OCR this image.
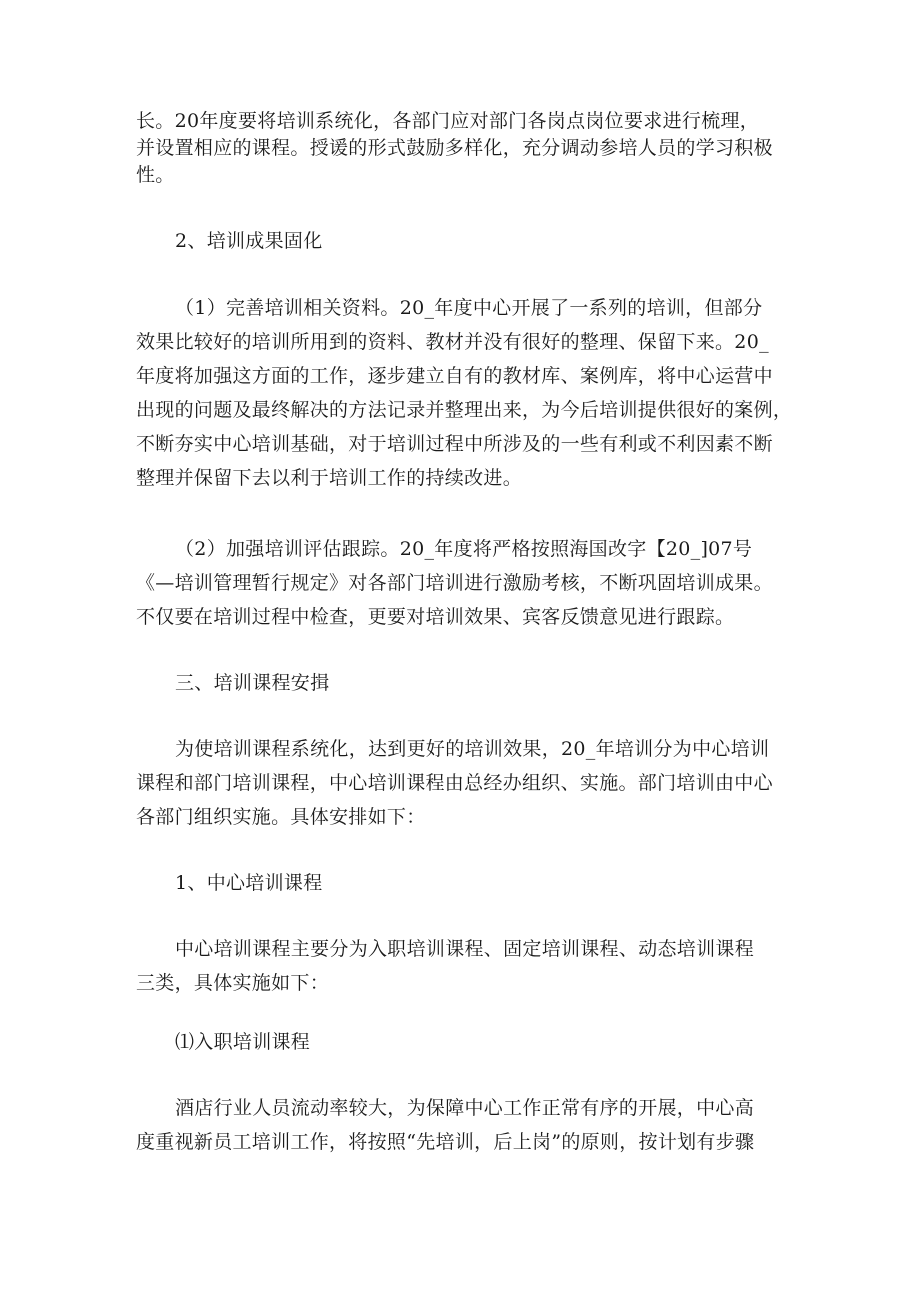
长。20年度要将培训系统化，各部门应对部门各岗点岗位要求进行梳理，
并设置相应的课程。授谖的形式鼓励多样化，充分调动参培人员的学习积极
性。
2、培训成果固化
（1）完善培训相关资料。20_年度中心开展了一系列的培训，但部分
效果比较好的培训所用到的资料、教材并没有很好的整理、保留下来。20_
年度将加强这方面的工作，逐步建立自有的教材库、案例库，将中心运营中
出现的问题及最终解决的方法记录并整理出来，为今后培训提供很好的案例，
不断夯实中心培训基础，对于培训过程中所涉及的一些有利或不利因素不断
整理并保留下去以利于培训工作的持续改进。
（2）加强培训评估跟踪。20_年度将严格按照海国改字【20_]07号
《—培训管理暂行规定》对各部门培训进行激励考核，不断巩固培训成果。
不仅要在培训过程中检查，更要对培训效果、宾客反馈意见进行跟踪。
三、培训课程安揖
为使培训课程系统化，达到更好的培训效果，20_年培训分为中心培训
课程和部门培训课程，中心培训课程由总经办组织、实施。部门培训由中心
各部门组织实施。具体安排如下：
1、中心培训课程
中心培训课程主要分为入职培训课程、固定培训课程、动态培训课程
三类，具体实施如下：
⑴入职培训课程
酒店行业人员流动率较大，为保障中心工作正常有序的开展，中心高
度重视新员工培训工作，将按照“先培训，后上岗”的原则，按计划有步骤
